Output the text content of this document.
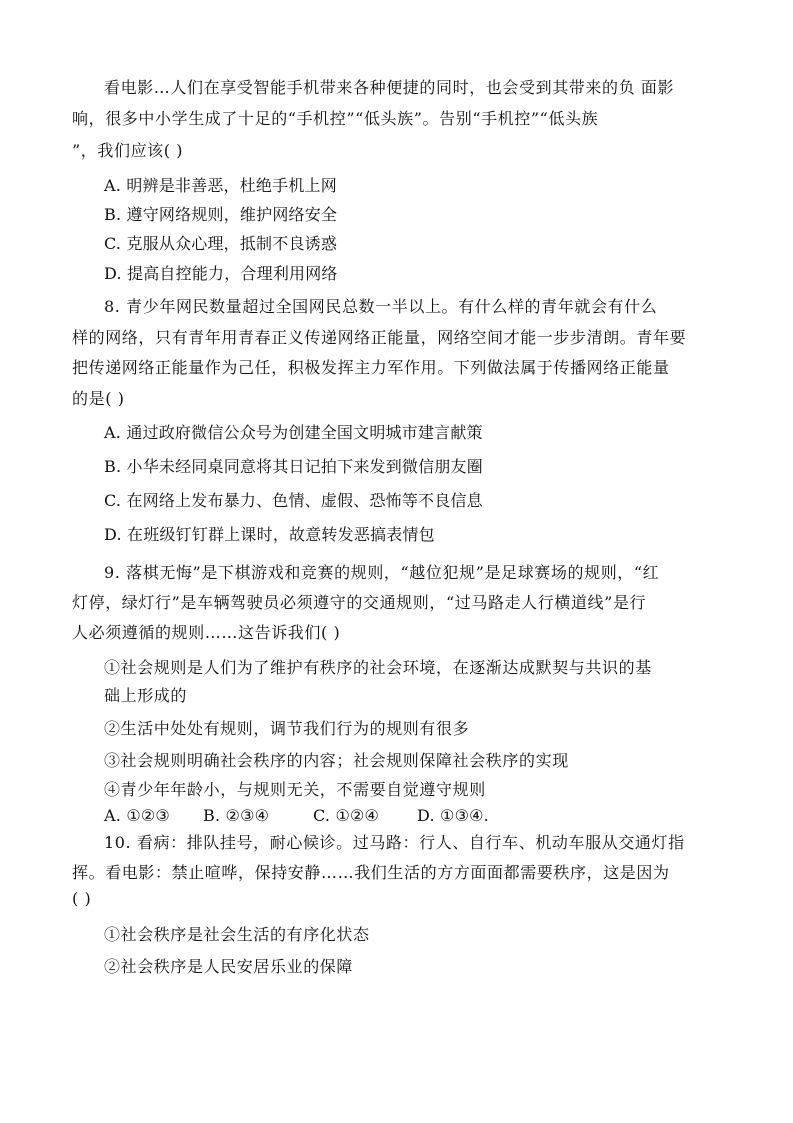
看电影…人们在享受智能手机带来各种便捷的同时，也会受到其带来的负 面影
响，很多中小学生成了十足的“手机控”“低头族”。告别“手机控”“低头族
”，我们应该( )
A. 明辨是非善恶，杜绝手机上网
B. 遵守网络规则，维护网络安全
C. 克服从众心理，抵制不良诱惑
D. 提高自控能力，合理利用网络
8. 青少年网民数量超过全国网民总数一半以上。有什么样的青年就会有什么
样的网络，只有青年用青春正义传递网络正能量，网络空间才能一步步清朗。青年要
把传递网络正能量作为己任，积极发挥主力军作用。下列做法属于传播网络正能量
的是( )
A. 通过政府微信公众号为创建全国文明城市建言献策
B. 小华未经同桌同意将其日记拍下来发到微信朋友圈
C. 在网络上发布暴力、色情、虚假、恐怖等不良信息
D. 在班级钉钉群上课时，故意转发恶搞表情包
9. 落棋无悔”是下棋游戏和竞赛的规则，“越位犯规”是足球赛场的规则，“红
灯停，绿灯行”是车辆驾驶员必须遵守的交通规则，“过马路走人行横道线”是行
人必须遵循的规则……这告诉我们( )
①社会规则是人们为了维护有秩序的社会环境，在逐渐达成默契与共识的基
础上形成的
②生活中处处有规则，调节我们行为的规则有很多
③社会规则明确社会秩序的内容；社会规则保障社会秩序的实现
④青少年年龄小，与规则无关，不需要自觉遵守规则
A. ①②③ B. ②③④	C. ①②④ D. ①③④.
10. 看病：排队挂号，耐心候诊。过马路：行人、自行车、机动车服从交通灯指
挥。看电影：禁止喧哗，保持安静……我们生活的方方面面都需要秩序，这是因为
( )
①社会秩序是社会生活的有序化状态
②社会秩序是人民安居乐业的保障
